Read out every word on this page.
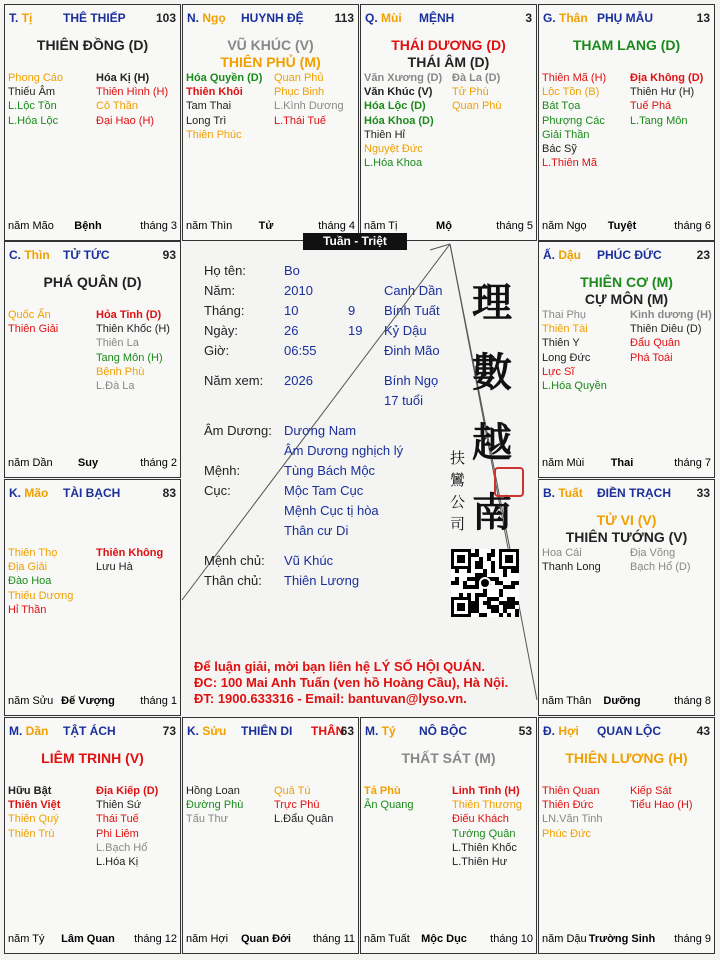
T. Tị	THÊ THIẾP	103
THIÊN ĐỒNG (D)
Phong Cáo
Thiếu Âm
L.Lộc Tồn
L.Hóa Lộc
Hóa Kị (H)
Thiên Hình (H)
Cô Thần
Đại Hao (H)
năm Mão Bệnh	tháng 3
N. Ngọ HUYNH ĐỆ	113
VŨ KHÚC (V)
THIÊN PHỦ (M)
Hóa Quyền (D)
Thiên Khôi
Tam Thai
Long Trì
Thiên Phúc
Quan Phủ
Phục Binh
L.Kình Dương
L.Thái Tuế
năm Thìn Tử	tháng 4
Q. Mùi MỆNH	3
THÁI DƯƠNG (D)
THÁI ÂM (D)
Văn Xương (D)
Văn Khúc (V)
Hóa Lộc (D)
Hóa Khoa (D)
Thiên Hỉ
Nguyệt Đức
L.Hóa Khoa
Đà La (D)
Tử Phù
Quan Phù
năm Tị	Mộ	tháng 5
G. Thân PHỤ MẪU	13
THAM LANG (D)
Thiên Mã (H)
Lộc Tồn (B)
Bát Tọa
Phượng Các
Giải Thần
Bác Sỹ
L.Thiên Mã
Địa Không (D)
Thiên Hư (H)
Tuế Phá
L.Tang Môn
năm Ngọ Tuyệt	tháng 6
C. Thìn TỬ TỨC	93
PHÁ QUÂN (D)
Quốc Ấn
Thiên Giải
Hỏa Tinh (D)
Thiên Khốc (H)
Thiên La
Tang Môn (H)
Bệnh Phù
L.Đà La
năm Dần Suy	tháng 2
Ấ. Dậu PHÚC ĐỨC	23
THIÊN CƠ (M)
CỰ MÔN (M)
Thai Phụ
Thiên Tài
Thiên Y
Long Đức
Lực Sĩ
L.Hóa Quyền
Kình dương (H)
Thiên Diêu (D)
Đẩu Quân
Phá Toái
năm Mùi Thai	tháng 7
K. Mão TÀI BẠCH	83
Thiên Thọ
Địa Giải
Đào Hoa
Thiếu Dương
Hỉ Thần
Thiên Không
Lưu Hà
năm Sửu Đế Vượng tháng 1
B. Tuất ĐIỀN TRẠCH 33
TỬ VI (V)
THIÊN TƯỚNG (V)
Hoa Cái
Thanh Long
Địa Võng
Bạch Hổ (D)
năm Thân Dưỡng	tháng 8
M. Dần TẬT ÁCH	73
LIÊM TRINH (V)
Hữu Bật
Thiên Việt
Thiên Quý
Thiên Trù
Địa Kiếp (D)
Thiên Sứ
Thái Tuế
Phi Liêm
L.Bạch Hổ
L.Hóa Kị
năm Tý Lâm Quan tháng 12
K. Sửu THIÊN DI THÂN
63
Hồng Loan
Đường Phù
Tấu Thư
Quả Tú
Trực Phù
L.Đẩu Quân
năm Hợi Quan Đới tháng 11
M. Tý NÔ BỘC	53
THẤT SÁT (M)
Tả Phù
Ân Quang
Linh Tinh (H)
Thiên Thương
Điếu Khách
Tướng Quân
L.Thiên Khốc
L.Thiên Hư
năm Tuất Mộc Dục tháng 10
Đ. Hợi QUAN LỘC	43
THIÊN LƯƠNG (H)
Thiên Quan
Thiên Đức
LN.Văn Tinh
Phúc Đức
Kiếp Sát
Tiểu Hao (H)
năm Dậu Trường Sinh tháng 9
Tuần - Triệt
Họ tên:	Bo
Năm:	2010	Canh Dần
Tháng:	10	9 Bính Tuất
Ngày:	26	19 Kỷ Dậu
Giờ:	06:55	Đinh Mão
Năm xem: 2026	Bính Ngọ
17 tuổi
Âm Dương: Dương Nam
Âm Dương nghịch lý
Mệnh:	Tùng Bách Mộc
Cục:	Mộc Tam Cục
Mệnh Cục tị hòa
Thân cư Di
Mệnh chủ: Vũ Khúc
Thân chủ: Thiên Lương
理
數
越
南
扶
鸞
公
司
Để luận giải, mời bạn liên hệ LÝ SỐ HỘI QUÁN.
ĐC: 100 Mai Anh Tuấn (ven hồ Hoàng Cầu), Hà Nội.
ĐT: 1900.633316 - Email: bantuvan@lyso.vn.
